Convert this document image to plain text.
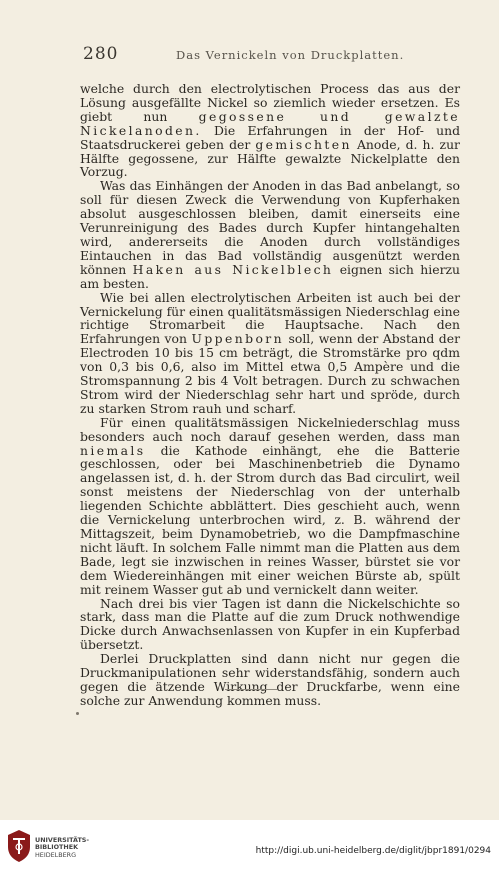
280	Das Vernickeln von Druckplatten.

welche durch den electrolytischen Process das aus der Lösung ausgefällte Nickel so ziemlich wieder ersetzen. Es giebt nun gegossene und gewalzte Nickelanoden. Die Erfahrungen in der Hof- und Staatsdruckerei geben der gemischten Anode, d. h. zur Hälfte gegossene, zur Hälfte gewalzte Nickelplatte den Vorzug.

Was das Einhängen der Anoden in das Bad anbelangt, so soll für diesen Zweck die Verwendung von Kupferhaken absolut ausgeschlossen bleiben, damit einerseits eine Verunreinigung des Bades durch Kupfer hintangehalten wird, andererseits die Anoden durch vollständiges Eintauchen in das Bad vollständig ausgenützt werden können Haken aus Nickelblech eignen sich hierzu am besten.

Wie bei allen electrolytischen Arbeiten ist auch bei der Vernickelung für einen qualitätsmässigen Niederschlag eine richtige Stromarbeit die Hauptsache. Nach den Erfahrungen von Uppenborn soll, wenn der Abstand der Electroden 10 bis 15 cm beträgt, die Stromstärke pro qdm von 0,3 bis 0,6, also im Mittel etwa 0,5 Ampère und die Stromspannung 2 bis 4 Volt betragen. Durch zu schwachen Strom wird der Niederschlag sehr hart und spröde, durch zu starken Strom rauh und scharf.

Für einen qualitätsmässigen Nickelniederschlag muss besonders auch noch darauf gesehen werden, dass man niemals die Kathode einhängt, ehe die Batterie geschlossen, oder bei Maschinenbetrieb die Dynamo angelassen ist, d. h. der Strom durch das Bad circulirt, weil sonst meistens der Niederschlag von der unterhalb liegenden Schichte abblättert. Dies geschieht auch, wenn die Vernickelung unterbrochen wird, z. B. während der Mittagszeit, beim Dynamobetrieb, wo die Dampfmaschine nicht läuft. In solchem Falle nimmt man die Platten aus dem Bade, legt sie inzwischen in reines Wasser, bürstet sie vor dem Wiedereinhängen mit einer weichen Bürste ab, spült mit reinem Wasser gut ab und vernickelt dann weiter.

Nach drei bis vier Tagen ist dann die Nickelschichte so stark, dass man die Platte auf die zum Druck nothwendige Dicke durch Anwachsenlassen von Kupfer in ein Kupferbad übersetzt.

Derlei Druckplatten sind dann nicht nur gegen die Druckmanipulationen sehr widerstandsfähig, sondern auch gegen die ätzende Wirkung der Druckfarbe, wenn eine solche zur Anwendung kommen muss.

UNIVERSITÄTS-
BIBLIOTHEK
HEIDELBERG	http://digi.ub.uni-heidelberg.de/diglit/jbpr1891/0294
